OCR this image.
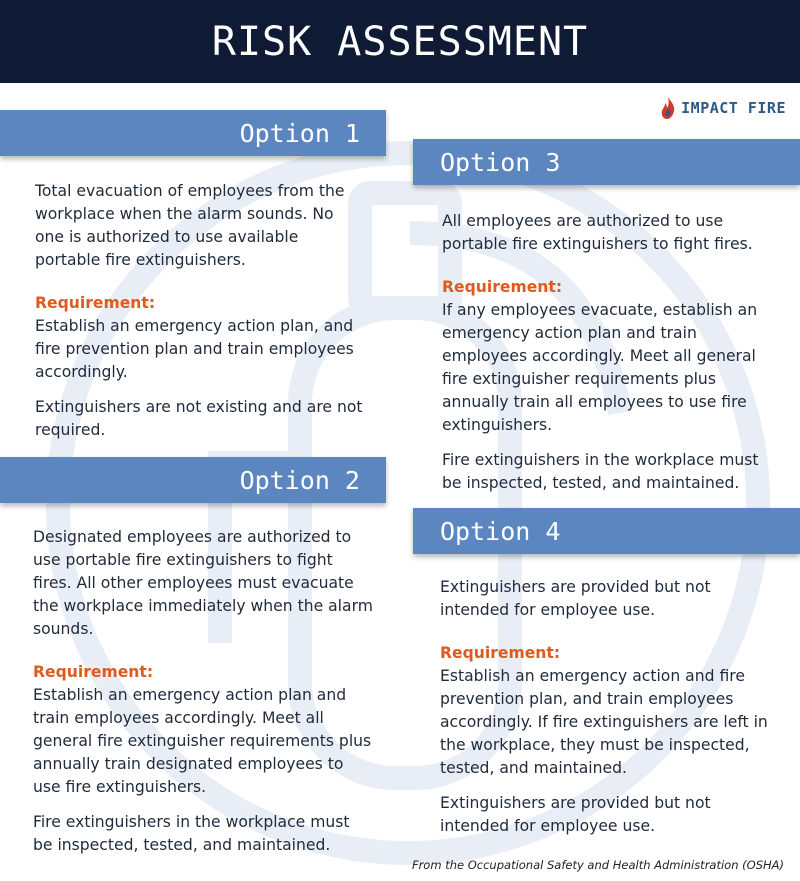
RISK ASSESSMENT
IMPACT FIRE
Option 1

Total evacuation of employees from the workplace when the alarm sounds. No one is authorized to use available portable fire extinguishers.

Requirement:

Establish an emergency action plan, and fire prevention plan and train employees accordingly.

Extinguishers are not existing and are not required.

Option 2

Designated employees are authorized to use portable fire extinguishers to fight fires. All other employees must evacuate the workplace immediately when the alarm sounds.

Requirement:

Establish an emergency action plan and train employees accordingly. Meet all general fire extinguisher requirements plus annually train designated employees to use fire extinguishers.

Fire extinguishers in the workplace must be inspected, tested, and maintained.

Option 3

All employees are authorized to use portable fire extinguishers to fight fires.

Requirement:

If any employees evacuate, establish an emergency action plan and train employees accordingly. Meet all general fire extinguisher requirements plus annually train all employees to use fire extinguishers.

Fire extinguishers in the workplace must be inspected, tested, and maintained.

Option 4

Extinguishers are provided but not intended for employee use.

Requirement:

Establish an emergency action and fire prevention plan, and train employees accordingly. If fire extinguishers are left in the workplace, they must be inspected, tested, and maintained.

Extinguishers are provided but not intended for employee use.

From the Occupational Safety and Health Administration (OSHA)
